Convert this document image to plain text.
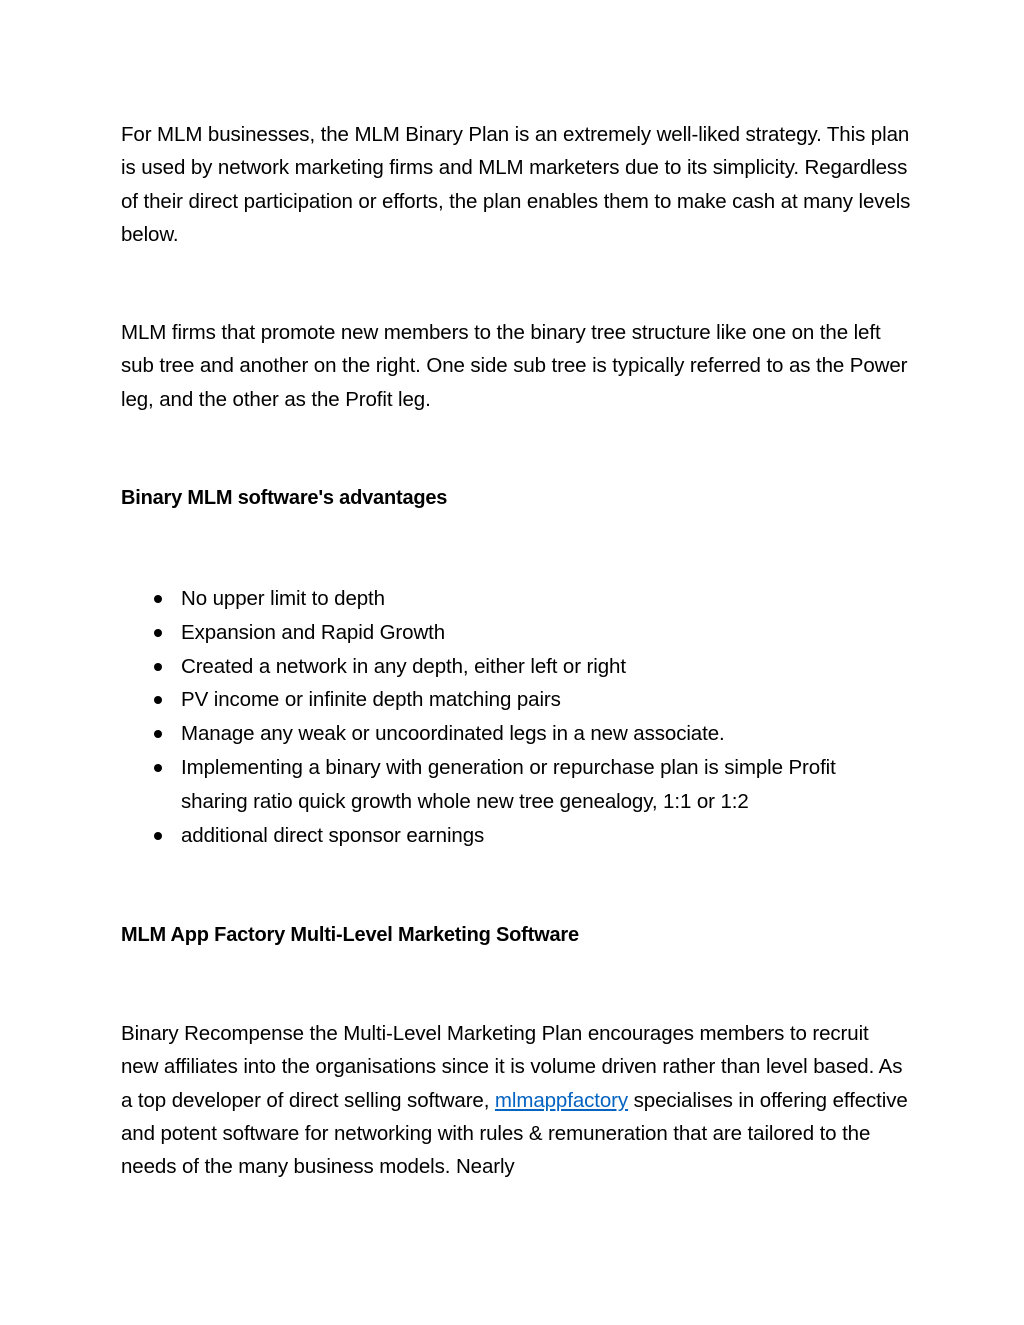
For MLM businesses, the MLM Binary Plan is an extremely well-liked strategy. This plan is used by network marketing firms and MLM marketers due to its simplicity. Regardless of their direct participation or efforts, the plan enables them to make cash at many levels below.

MLM firms that promote new members to the binary tree structure like one on the left sub tree and another on the right. One side sub tree is typically referred to as the Power leg, and the other as the Profit leg.

Binary MLM software's advantages
No upper limit to depth
Expansion and Rapid Growth
Created a network in any depth, either left or right
PV income or infinite depth matching pairs
Manage any weak or uncoordinated legs in a new associate.
Implementing a binary with generation or repurchase plan is simple Profit sharing ratio quick growth whole new tree genealogy, 1:1 or 1:2
additional direct sponsor earnings
MLM App Factory Multi-Level Marketing Software

Binary Recompense the Multi-Level Marketing Plan encourages members to recruit new affiliates into the organisations since it is volume driven rather than level based. As a top developer of direct selling software, mlmappfactory specialises in offering effective and potent software for networking with rules & remuneration that are tailored to the needs of the many business models. Nearly
